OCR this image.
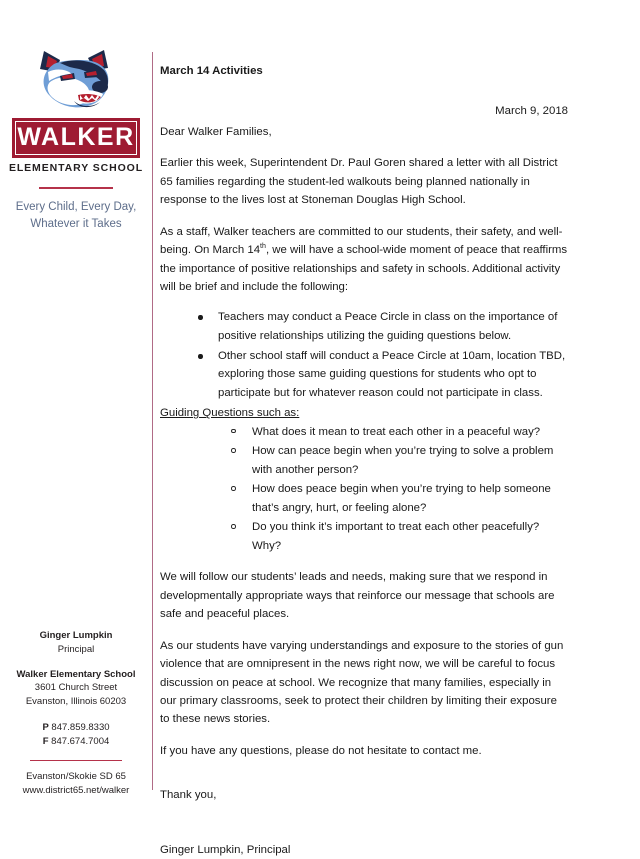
WALKER
ELEMENTARY SCHOOL
Every Child, Every Day,
Whatever it Takes
Ginger Lumpkin
Principal
Walker Elementary School
3601 Church Street
Evanston, Illinois 60203
P 847.859.8330
F 847.674.7004
Evanston/Skokie SD 65
www.district65.net/walker
March 14 Activities
March 9, 2018
Dear Walker Families,

Earlier this week, Superintendent Dr. Paul Goren shared a letter with all District 65 families regarding the student-led walkouts being planned nationally in response to the lives lost at Stoneman Douglas High School.

As a staff, Walker teachers are committed to our students, their safety, and well-being. On March 14th, we will have a school-wide moment of peace that reaffirms the importance of positive relationships and safety in schools. Additional activity will be brief and include the following:

Teachers may conduct a Peace Circle in class on the importance of positive relationships utilizing the guiding questions below.
Other school staff will conduct a Peace Circle at 10am, location TBD, exploring those same guiding questions for students who opt to participate but for whatever reason could not participate in class.
Guiding Questions such as:
What does it mean to treat each other in a peaceful way?
How can peace begin when you’re trying to solve a problem with another person?
How does peace begin when you’re trying to help someone that’s angry, hurt, or feeling alone?
Do you think it’s important to treat each other peacefully? Why?

We will follow our students’ leads and needs, making sure that we respond in developmentally appropriate ways that reinforce our message that schools are safe and peaceful places.

As our students have varying understandings and exposure to the stories of gun violence that are omnipresent in the news right now, we will be careful to focus discussion on peace at school. We recognize that many families, especially in our primary classrooms, seek to protect their children by limiting their exposure to these news stories.

If you have any questions, please do not hesitate to contact me.

Thank you,
Ginger Lumpkin, Principal
